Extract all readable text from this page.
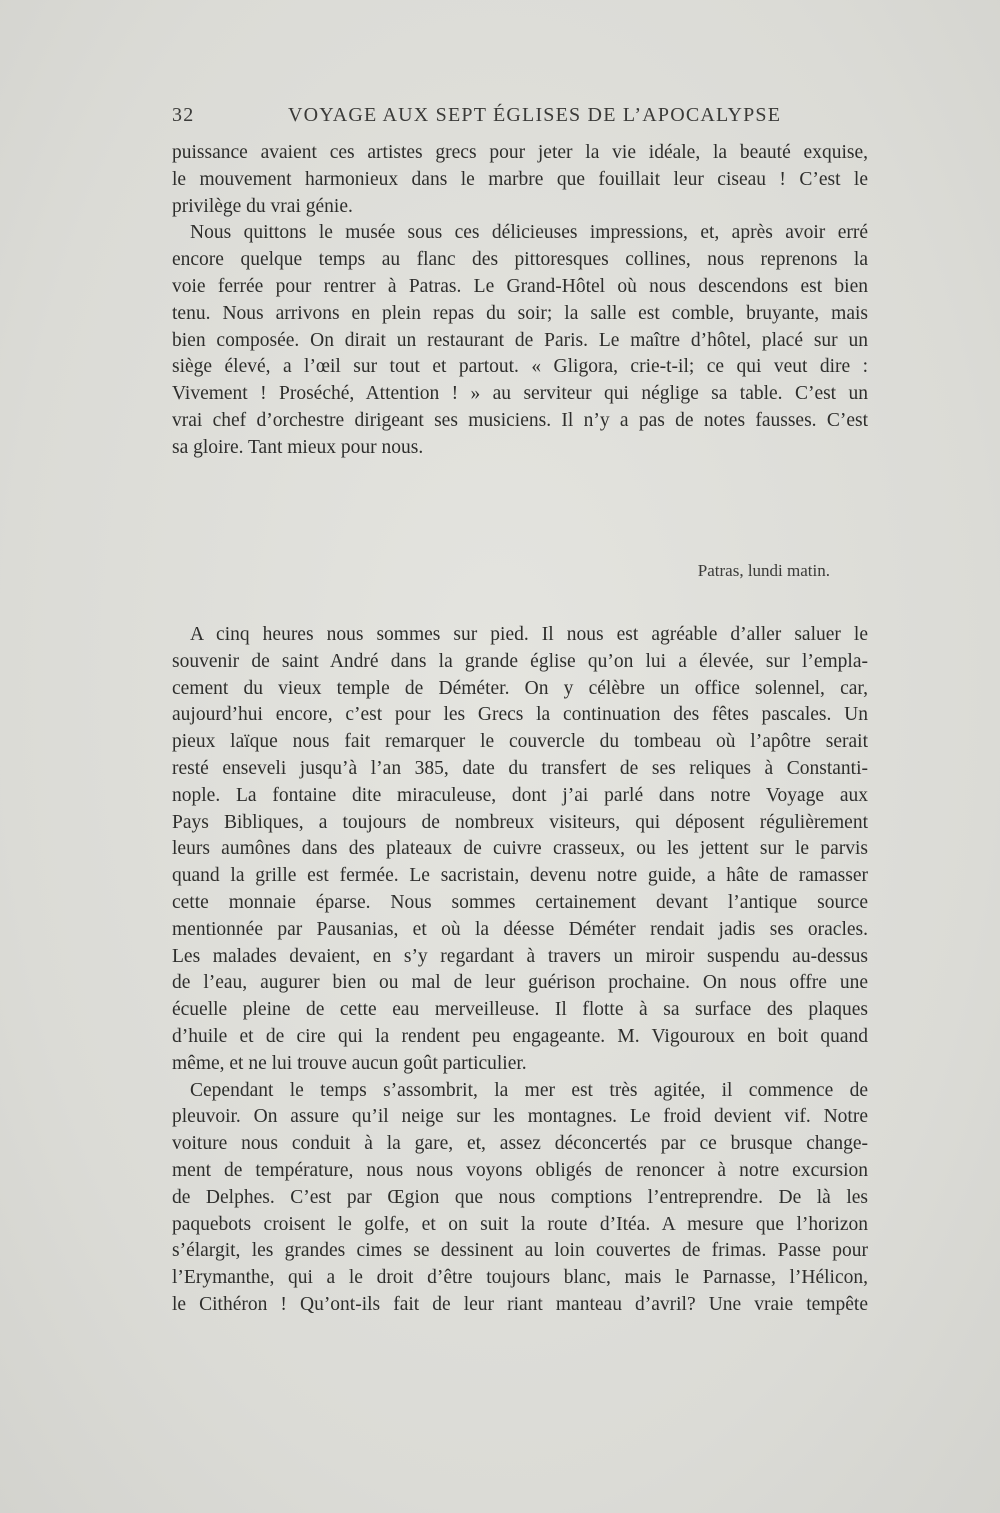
32	VOYAGE AUX SEPT ÉGLISES DE L’APOCALYPSE
puissance avaient ces artistes grecs pour jeter la vie idéale, la beauté exquise,
le mouvement harmonieux dans le marbre que fouillait leur ciseau ! C’est le
privilège du vrai génie.
Nous quittons le musée sous ces délicieuses impressions, et, après avoir erré
encore quelque temps au flanc des pittoresques collines, nous reprenons la
voie ferrée pour rentrer à Patras. Le Grand-Hôtel où nous descendons est bien
tenu. Nous arrivons en plein repas du soir; la salle est comble, bruyante, mais
bien composée. On dirait un restaurant de Paris. Le maître d’hôtel, placé sur un
siège élevé, a l’œil sur tout et partout. « Gligora, crie-t-il; ce qui veut dire :
Vivement ! Proséché, Attention ! » au serviteur qui néglige sa table. C’est un
vrai chef d’orchestre dirigeant ses musiciens. Il n’y a pas de notes fausses. C’est
sa gloire. Tant mieux pour nous.
Patras, lundi matin.
A cinq heures nous sommes sur pied. Il nous est agréable d’aller saluer le
souvenir de saint André dans la grande église qu’on lui a élevée, sur l’empla-
cement du vieux temple de Déméter. On y célèbre un office solennel, car,
aujourd’hui encore, c’est pour les Grecs la continuation des fêtes pascales. Un
pieux laïque nous fait remarquer le couvercle du tombeau où l’apôtre serait
resté enseveli jusqu’à l’an 385, date du transfert de ses reliques à Constanti-
nople. La fontaine dite miraculeuse, dont j’ai parlé dans notre Voyage aux
Pays Bibliques, a toujours de nombreux visiteurs, qui déposent régulièrement
leurs aumônes dans des plateaux de cuivre crasseux, ou les jettent sur le parvis
quand la grille est fermée. Le sacristain, devenu notre guide, a hâte de ramasser
cette monnaie éparse. Nous sommes certainement devant l’antique source
mentionnée par Pausanias, et où la déesse Déméter rendait jadis ses oracles.
Les malades devaient, en s’y regardant à travers un miroir suspendu au-dessus
de l’eau, augurer bien ou mal de leur guérison prochaine. On nous offre une
écuelle pleine de cette eau merveilleuse. Il flotte à sa surface des plaques
d’huile et de cire qui la rendent peu engageante. M. Vigouroux en boit quand
même, et ne lui trouve aucun goût particulier.
Cependant le temps s’assombrit, la mer est très agitée, il commence de
pleuvoir. On assure qu’il neige sur les montagnes. Le froid devient vif. Notre
voiture nous conduit à la gare, et, assez déconcertés par ce brusque change-
ment de température, nous nous voyons obligés de renoncer à notre excursion
de Delphes. C’est par Œgion que nous comptions l’entreprendre. De là les
paquebots croisent le golfe, et on suit la route d’Itéa. A mesure que l’horizon
s’élargit, les grandes cimes se dessinent au loin couvertes de frimas. Passe pour
l’Erymanthe, qui a le droit d’être toujours blanc, mais le Parnasse, l’Hélicon,
le Cithéron ! Qu’ont-ils fait de leur riant manteau d’avril? Une vraie tempête
